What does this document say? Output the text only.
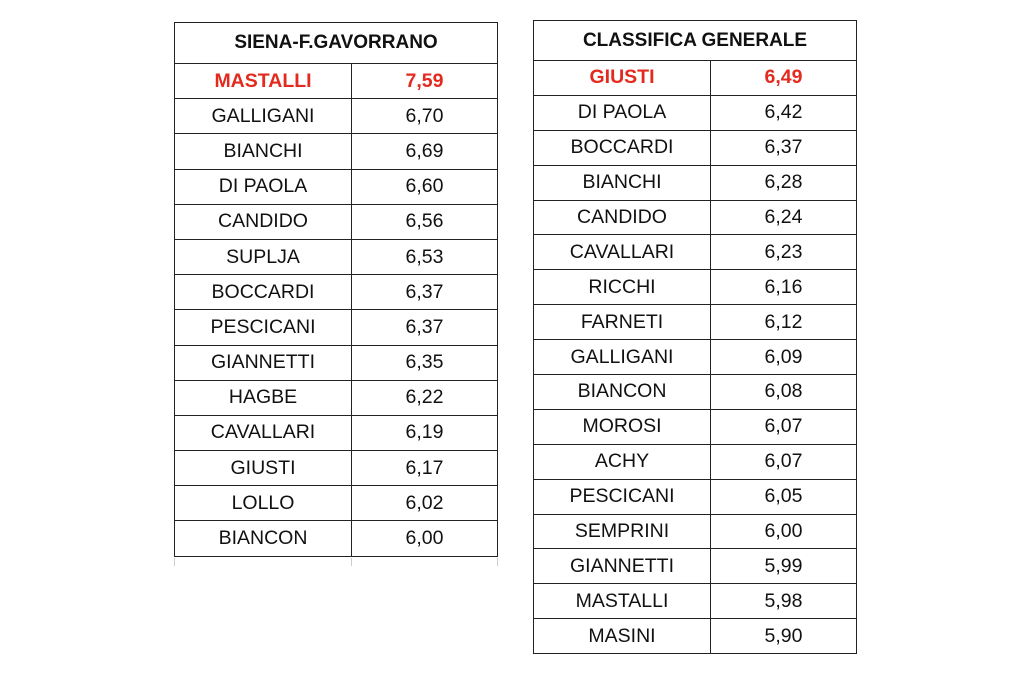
SIENA-F.GAVORRANO	
MASTALLI	7,59
GALLIGANI	6,70
BIANCHI	6,69
DI PAOLA	6,60
CANDIDO	6,56
SUPLJA	6,53
BOCCARDI	6,37
PESCICANI	6,37
GIANNETTI	6,35
HAGBE	6,22
CAVALLARI	6,19
GIUSTI	6,17
LOLLO	6,02
BIANCON	6,00
CLASSIFICA GENERALE	
GIUSTI	6,49
DI PAOLA	6,42
BOCCARDI	6,37
BIANCHI	6,28
CANDIDO	6,24
CAVALLARI	6,23
RICCHI	6,16
FARNETI	6,12
GALLIGANI	6,09
BIANCON	6,08
MOROSI	6,07
ACHY	6,07
PESCICANI	6,05
SEMPRINI	6,00
GIANNETTI	5,99
MASTALLI	5,98
MASINI	5,90
